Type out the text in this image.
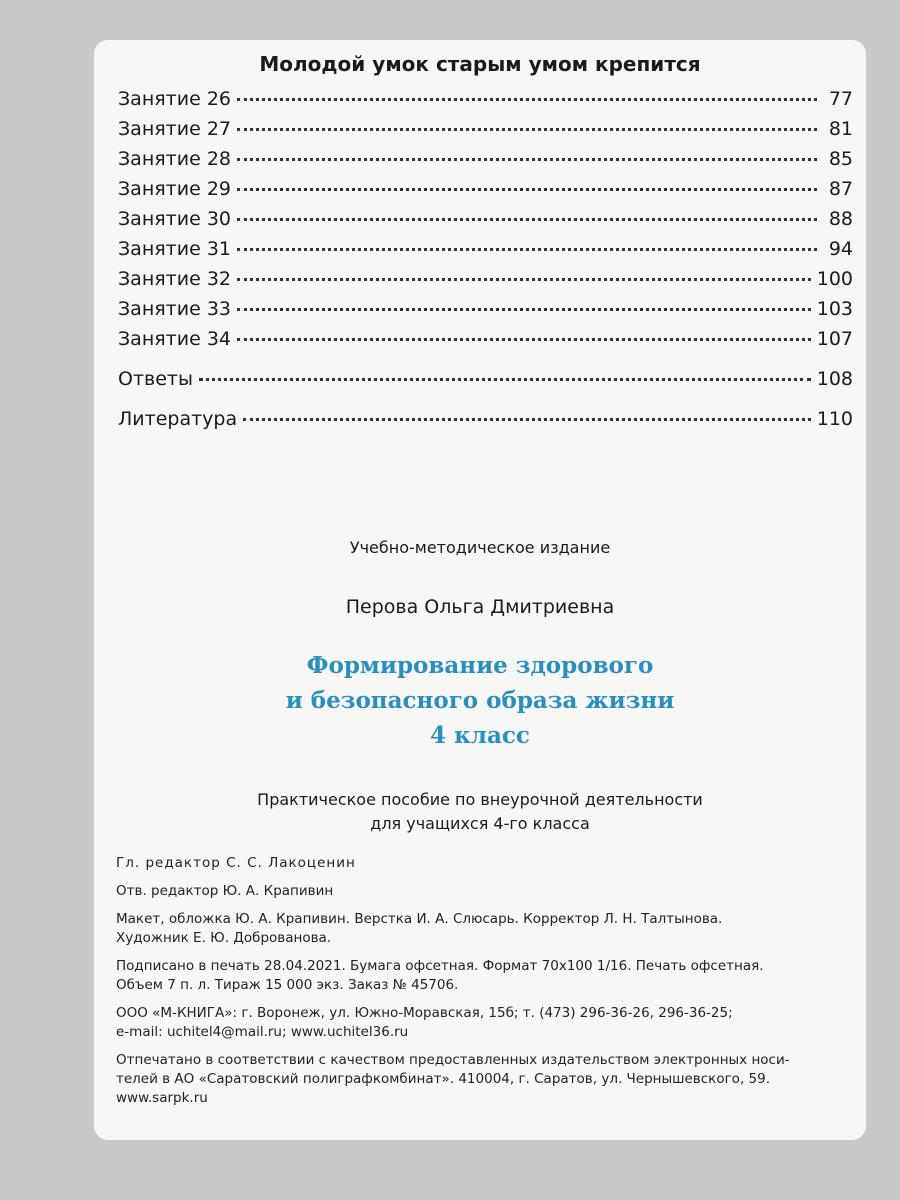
Молодой умок старым умом крепится
Занятие 26	77
Занятие 27	81
Занятие 28	85
Занятие 29	87
Занятие 30	88
Занятие 31	94
Занятие 32	100
Занятие 33	103
Занятие 34	107
Ответы	108
Литература	110
Учебно-методическое издание
Перова Ольга Дмитриевна
Формирование здорового
и безопасного образа жизни
4 класс
Практическое пособие по внеурочной деятельности
для учащихся 4-го класса

Гл. редактор С. С. Лакоценин

Отв. редактор Ю. А. Крапивин

Макет, обложка Ю. А. Крапивин. Верстка И. А. Слюсарь. Корректор Л. Н. Талтынова.
Художник Е. Ю. Доброванова.

Подписано в печать 28.04.2021. Бумага офсетная. Формат 70х100 1/16. Печать офсетная.
Объем 7 п. л. Тираж 15 000 экз. Заказ № 45706.

ООО «М-КНИГА»: г. Воронеж, ул. Южно-Моравская, 15б; т. (473) 296-36-26, 296-36-25;
e-mail: uchitel4@mail.ru; www.uchitel36.ru

Отпечатано в соответствии с качеством предоставленных издательством электронных носи-
телей в АО «Саратовский полиграфкомбинат». 410004, г. Саратов, ул. Чернышевского, 59.
www.sarpk.ru
